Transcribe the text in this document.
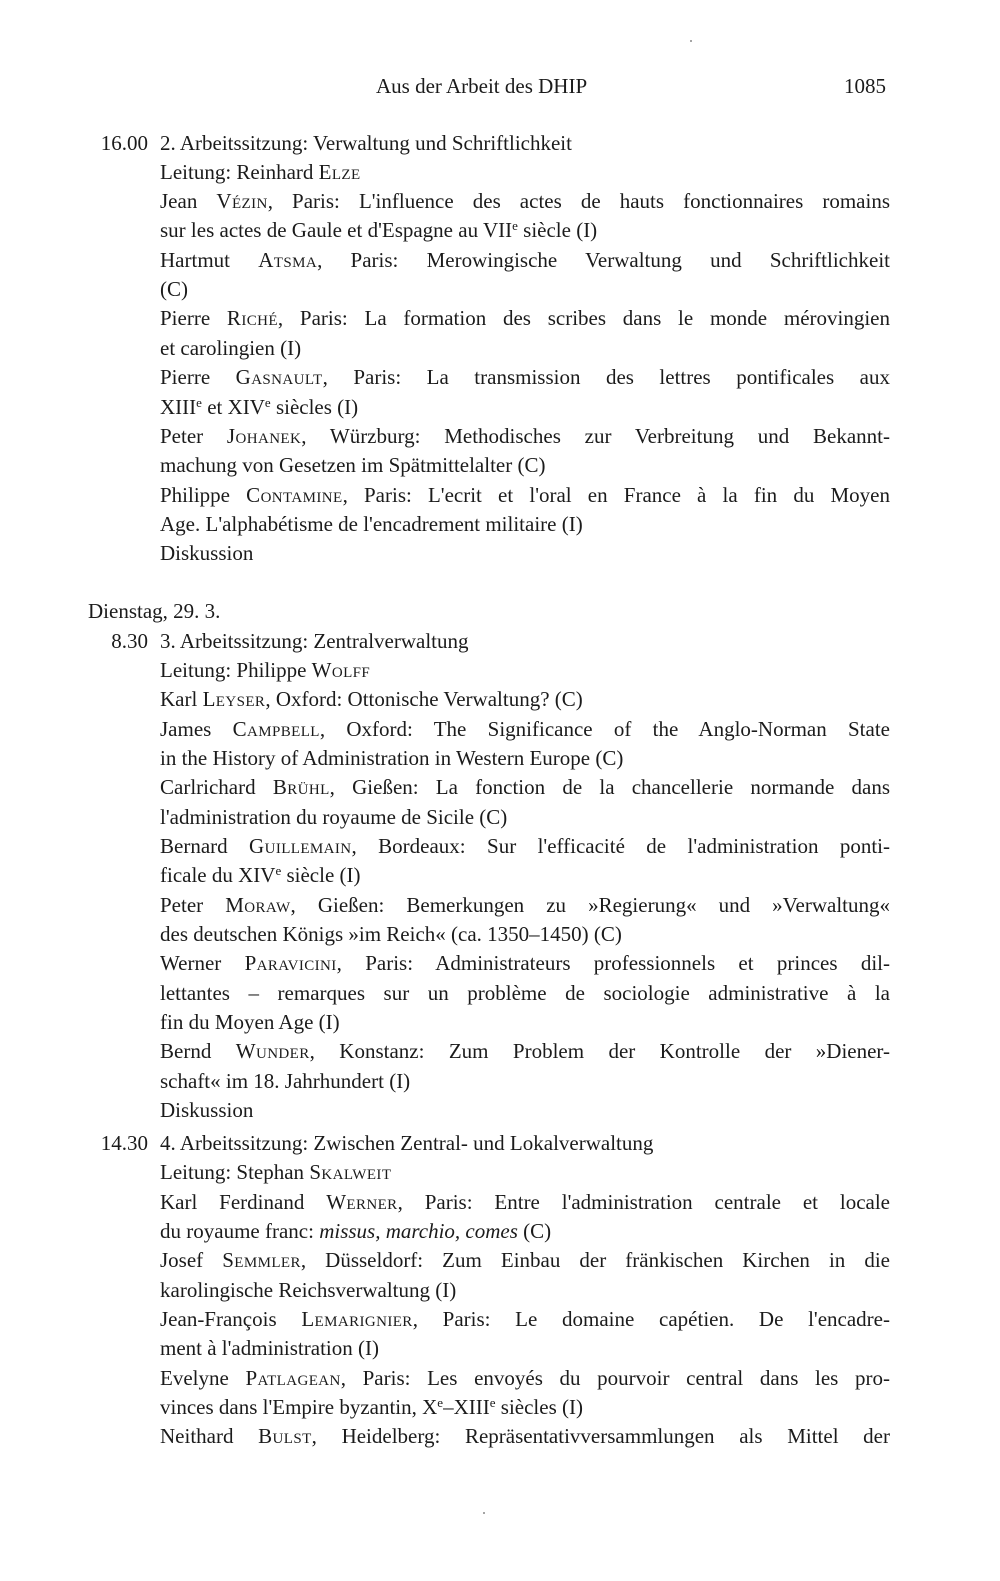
Aus der Arbeit des DHIP	1085
16.00 2. Arbeitssitzung: Verwaltung und Schriftlichkeit
Leitung: Reinhard Elze
Jean Vézin, Paris: L'influence des actes de hauts fonctionnaires romains
sur les actes de Gaule et d'Espagne au VIIe siècle (I)
Hartmut Atsma, Paris: Merowingische Verwaltung und Schriftlichkeit
(C)
Pierre Riché, Paris: La formation des scribes dans le monde mérovingien
et carolingien (I)
Pierre Gasnault, Paris: La transmission des lettres pontificales aux
XIIIe et XIVe siècles (I)
Peter Johanek, Würzburg: Methodisches zur Verbreitung und Bekannt-
machung von Gesetzen im Spätmittelalter (C)
Philippe Contamine, Paris: L'ecrit et l'oral en France à la fin du Moyen
Age. L'alphabétisme de l'encadrement militaire (I)
Diskussion
Dienstag, 29. 3.
8.30 3. Arbeitssitzung: Zentralverwaltung
Leitung: Philippe Wolff
Karl Leyser, Oxford: Ottonische Verwaltung? (C)
James Campbell, Oxford: The Significance of the Anglo-Norman State
in the History of Administration in Western Europe (C)
Carlrichard Brühl, Gießen: La fonction de la chancellerie normande dans
l'administration du royaume de Sicile (C)
Bernard Guillemain, Bordeaux: Sur l'efficacité de l'administration ponti-
ficale du XIVe siècle (I)
Peter Moraw, Gießen: Bemerkungen zu »Regierung« und »Verwaltung«
des deutschen Königs »im Reich« (ca. 1350–1450) (C)
Werner Paravicini, Paris: Administrateurs professionnels et princes dil-
lettantes – remarques sur un problème de sociologie administrative à la
fin du Moyen Age (I)
Bernd Wunder, Konstanz: Zum Problem der Kontrolle der »Diener-
schaft« im 18. Jahrhundert (I)
Diskussion
14.30 4. Arbeitssitzung: Zwischen Zentral- und Lokalverwaltung
Leitung: Stephan Skalweit
Karl Ferdinand Werner, Paris: Entre l'administration centrale et locale
du royaume franc: missus, marchio, comes (C)
Josef Semmler, Düsseldorf: Zum Einbau der fränkischen Kirchen in die
karolingische Reichsverwaltung (I)
Jean-François Lemarignier, Paris: Le domaine capétien. De l'encadre-
ment à l'administration (I)
Evelyne Patlagean, Paris: Les envoyés du pourvoir central dans les pro-
vinces dans l'Empire byzantin, Xe–XIIIe siècles (I)
Neithard Bulst, Heidelberg: Repräsentativversammlungen als Mittel der
